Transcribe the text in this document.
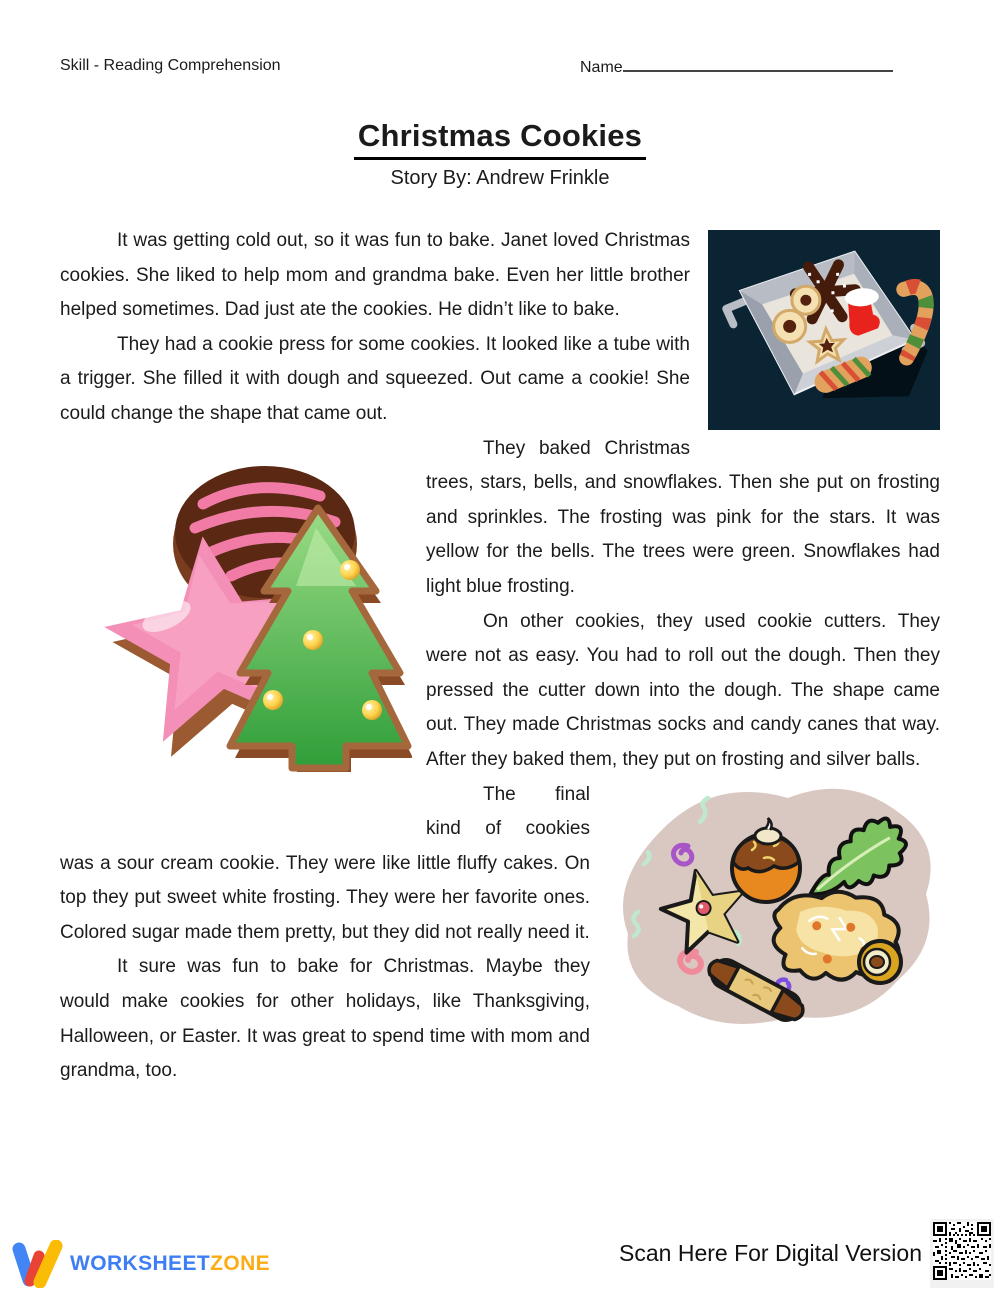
Skill - Reading Comprehension	Name
Christmas Cookies
Story By: Andrew Frinkle

It was getting cold out, so it was fun to bake. Janet loved Christmas cookies. She liked to help mom and grandma bake. Even her little brother helped sometimes. Dad just ate the cookies. He didn’t like to bake.

They had a cookie press for some cookies. It looked like a tube with a trigger. She filled it with dough and squeezed. Out came a cookie! She could change the shape that came out.

They baked Christmas trees, stars, bells, and snowflakes. Then she put on frosting and sprinkles. The frosting was pink for the stars. It was yellow for the bells. The trees were green. Snowflakes had light blue frosting.

On other cookies, they used cookie cutters. They were not as easy. You had to roll out the dough. Then they pressed the cutter down into the dough. The shape came out. They made Christmas socks and candy canes that way. After they baked them, they put on frosting and silver balls.

The final kind of cookies was a sour cream cookie. They were like little fluffy cakes. On top they put sweet white frosting. They were her favorite ones. Colored sugar made them pretty, but they did not really need it.

It sure was fun to bake for Christmas. Maybe they would make cookies for other holidays, like Thanksgiving, Halloween, or Easter. It was great to spend time with mom and grandma, too.

WORKSHEETZONE	Scan Here For Digital Version
